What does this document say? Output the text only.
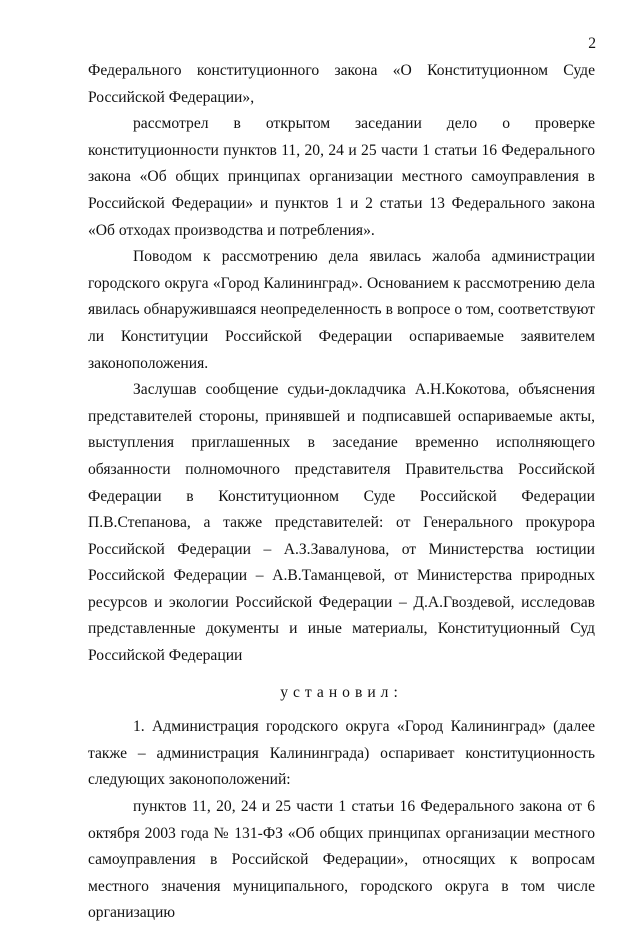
2

Федерального конституционного закона «О Конституционном Суде Российской Федерации»,

рассмотрел в открытом заседании дело о проверке конституционности пунктов 11, 20, 24 и 25 части 1 статьи 16 Федерального закона «Об общих принципах организации местного самоуправления в Российской Федерации» и пунктов 1 и 2 статьи 13 Федерального закона «Об отходах производства и потребления».

Поводом к рассмотрению дела явилась жалоба администрации городского округа «Город Калининград». Основанием к рассмотрению дела явилась обнаружившаяся неопределенность в вопросе о том, соответствуют ли Конституции Российской Федерации оспариваемые заявителем законоположения.

Заслушав сообщение судьи-докладчика А.Н.Кокотова, объяснения представителей стороны, принявшей и подписавшей оспариваемые акты, выступления приглашенных в заседание временно исполняющего обязанности полномочного представителя Правительства Российской Федерации в Конституционном Суде Российской Федерации П.В.Степанова, а также представителей: от Генерального прокурора Российской Федерации – А.З.Завалунова, от Министерства юстиции Российской Федерации – А.В.Таманцевой, от Министерства природных ресурсов и экологии Российской Федерации – Д.А.Гвоздевой, исследовав представленные документы и иные материалы, Конституционный Суд Российской Федерации

установил:

1. Администрация городского округа «Город Калининград» (далее также – администрация Калининграда) оспаривает конституционность следующих законоположений:

пунктов 11, 20, 24 и 25 части 1 статьи 16 Федерального закона от 6 октября 2003 года № 131-ФЗ «Об общих принципах организации местного самоуправления в Российской Федерации», относящих к вопросам местного значения муниципального, городского округа в том числе организацию
